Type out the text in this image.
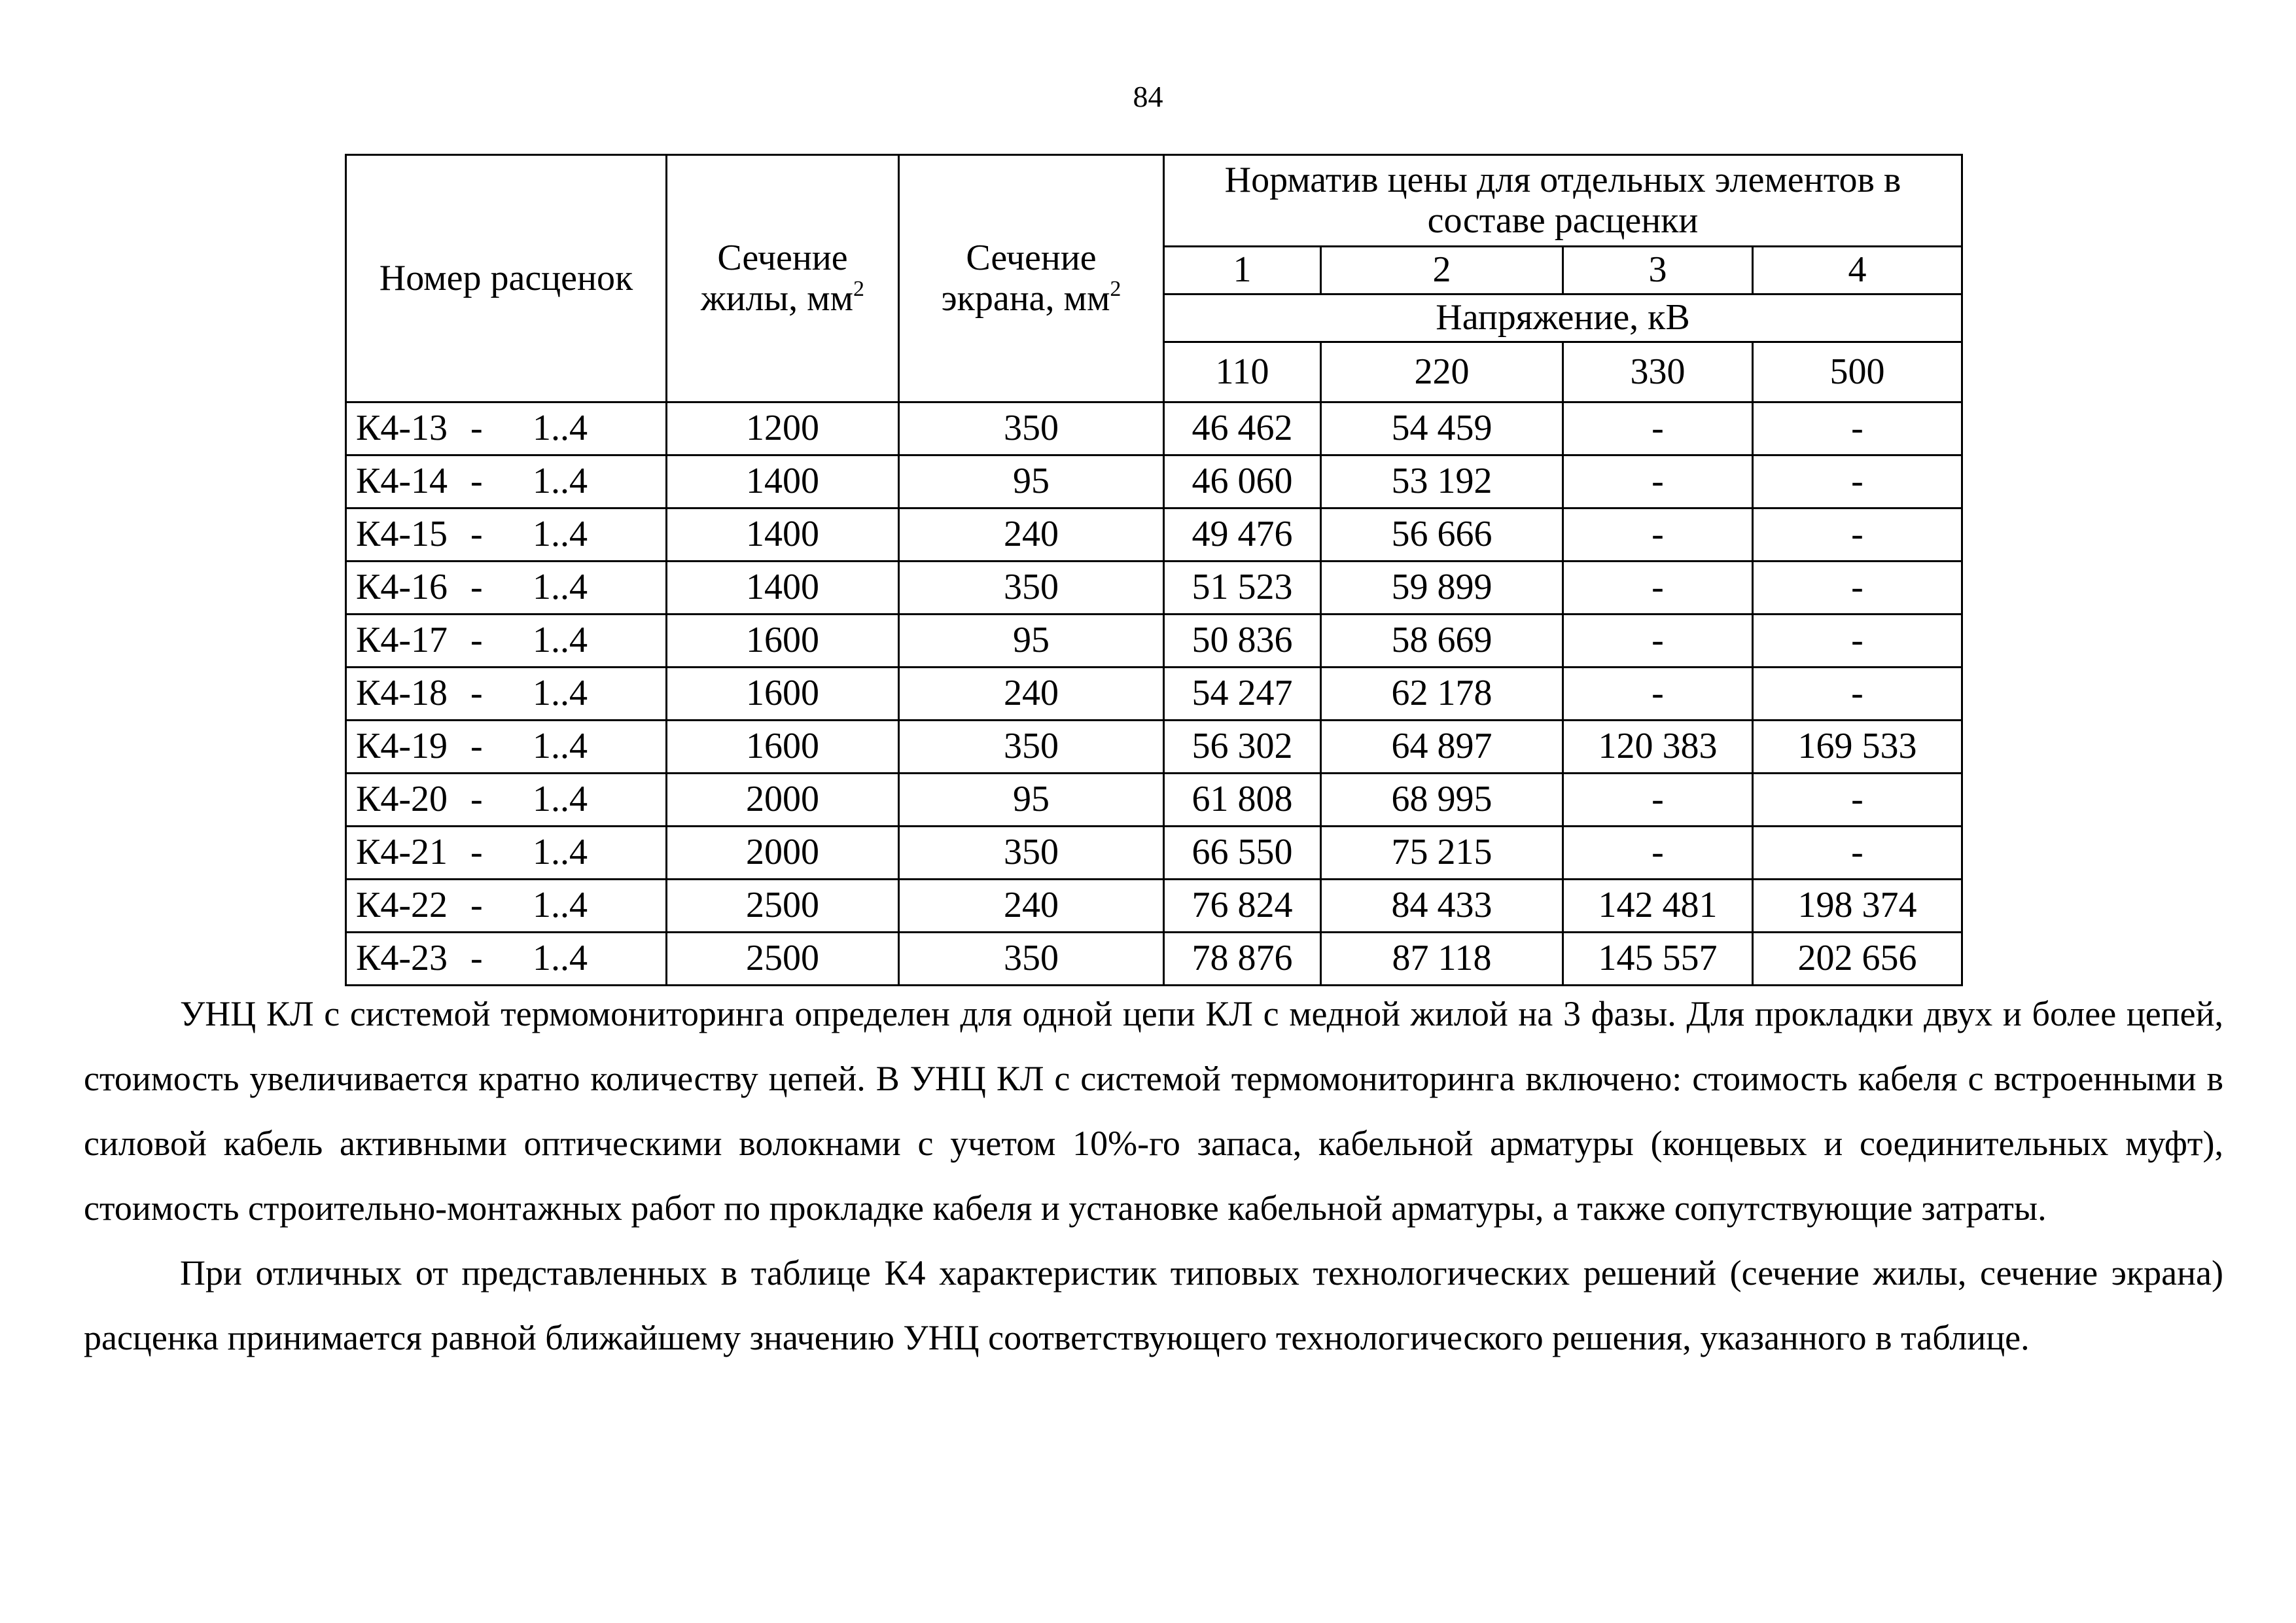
84
Номер расценок	Сечение жилы, $мм^2$	Сечение экрана, $мм^2$	Норматив цены для отдельных элементов в составе расценки			
			1	2	3	4
			Напряжение, кВ			
			110	220	330	500
К4-13 - 1..4	1200	350	46 462	54 459	-	-
К4-14 - 1..4	1400	95	46 060	53 192	-	-
К4-15 - 1..4	1400	240	49 476	56 666	-	-
К4-16 - 1..4	1400	350	51 523	59 899	-	-
К4-17 - 1..4	1600	95	50 836	58 669	-	-
К4-18 - 1..4	1600	240	54 247	62 178	-	-
К4-19 - 1..4	1600	350	56 302	64 897	120 383	169 533
К4-20 - 1..4	2000	95	61 808	68 995	-	-
К4-21 - 1..4	2000	350	66 550	75 215	-	-
К4-22 - 1..4	2500	240	76 824	84 433	142 481	198 374
К4-23 - 1..4	2500	350	78 876	87 118	145 557	202 656

УНЦ КЛ с системой термомониторинга определен для одной цепи КЛ с медной жилой на 3 фазы. Для прокладки двух и более цепей, стоимость увеличивается кратно количеству цепей. В УНЦ КЛ с системой термомониторинга включено: стоимость кабеля с встроенными в силовой кабель активными оптическими волокнами с учетом 10%-го запаса, кабельной арматуры (концевых и соединительных муфт), стоимость строительно-монтажных работ по прокладке кабеля и установке кабельной арматуры, а также сопутствующие затраты.

При отличных от представленных в таблице К4 характеристик типовых технологических решений (сечение жилы, сечение экрана) расценка принимается равной ближайшему значению УНЦ соответствующего технологического решения, указанного в таблице.
